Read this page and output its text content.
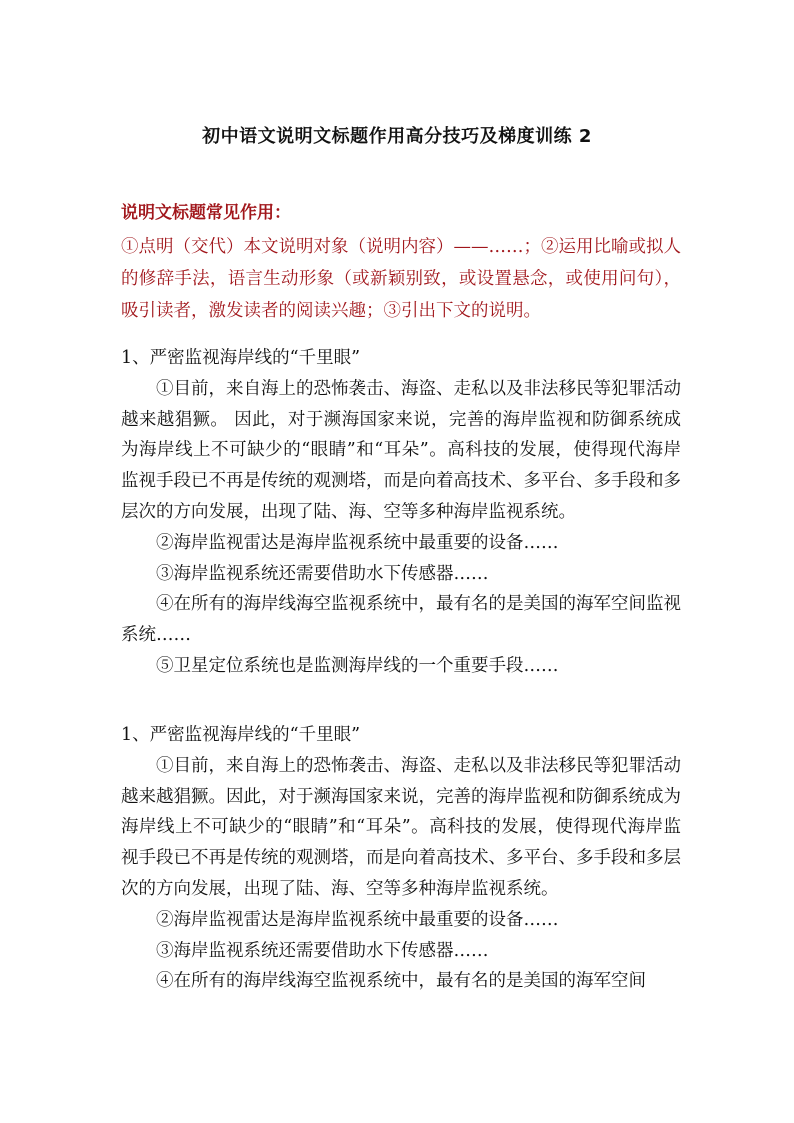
初中语文说明文标题作用高分技巧及梯度训练 2
说明文标题常见作用：

①点明（交代）本文说明对象（说明内容）——……；②运用比喻或拟人的修辞手法，语言生动形象（或新颖别致，或设置悬念，或使用问句），吸引读者，激发读者的阅读兴趣；③引出下文的说明。

1、严密监视海岸线的“千里眼”

①目前，来自海上的恐怖袭击、海盗、走私以及非法移民等犯罪活动越来越猖獗。 因此，对于濒海国家来说，完善的海岸监视和防御系统成为海岸线上不可缺少的“眼睛”和“耳朵”。高科技的发展，使得现代海岸监视手段已不再是传统的观测塔，而是向着高技术、多平台、多手段和多层次的方向发展，出现了陆、海、空等多种海岸监视系统。

②海岸监视雷达是海岸监视系统中最重要的设备……

③海岸监视系统还需要借助水下传感器……

④在所有的海岸线海空监视系统中，最有名的是美国的海军空间监视系统……

⑤卫星定位系统也是监测海岸线的一个重要手段……

1、严密监视海岸线的“千里眼”

①目前，来自海上的恐怖袭击、海盗、走私以及非法移民等犯罪活动越来越猖獗。因此，对于濒海国家来说，完善的海岸监视和防御系统成为海岸线上不可缺少的“眼睛”和“耳朵”。高科技的发展，使得现代海岸监视手段已不再是传统的观测塔，而是向着高技术、多平台、多手段和多层次的方向发展，出现了陆、海、空等多种海岸监视系统。

②海岸监视雷达是海岸监视系统中最重要的设备……

③海岸监视系统还需要借助水下传感器……

④在所有的海岸线海空监视系统中，最有名的是美国的海军空间
